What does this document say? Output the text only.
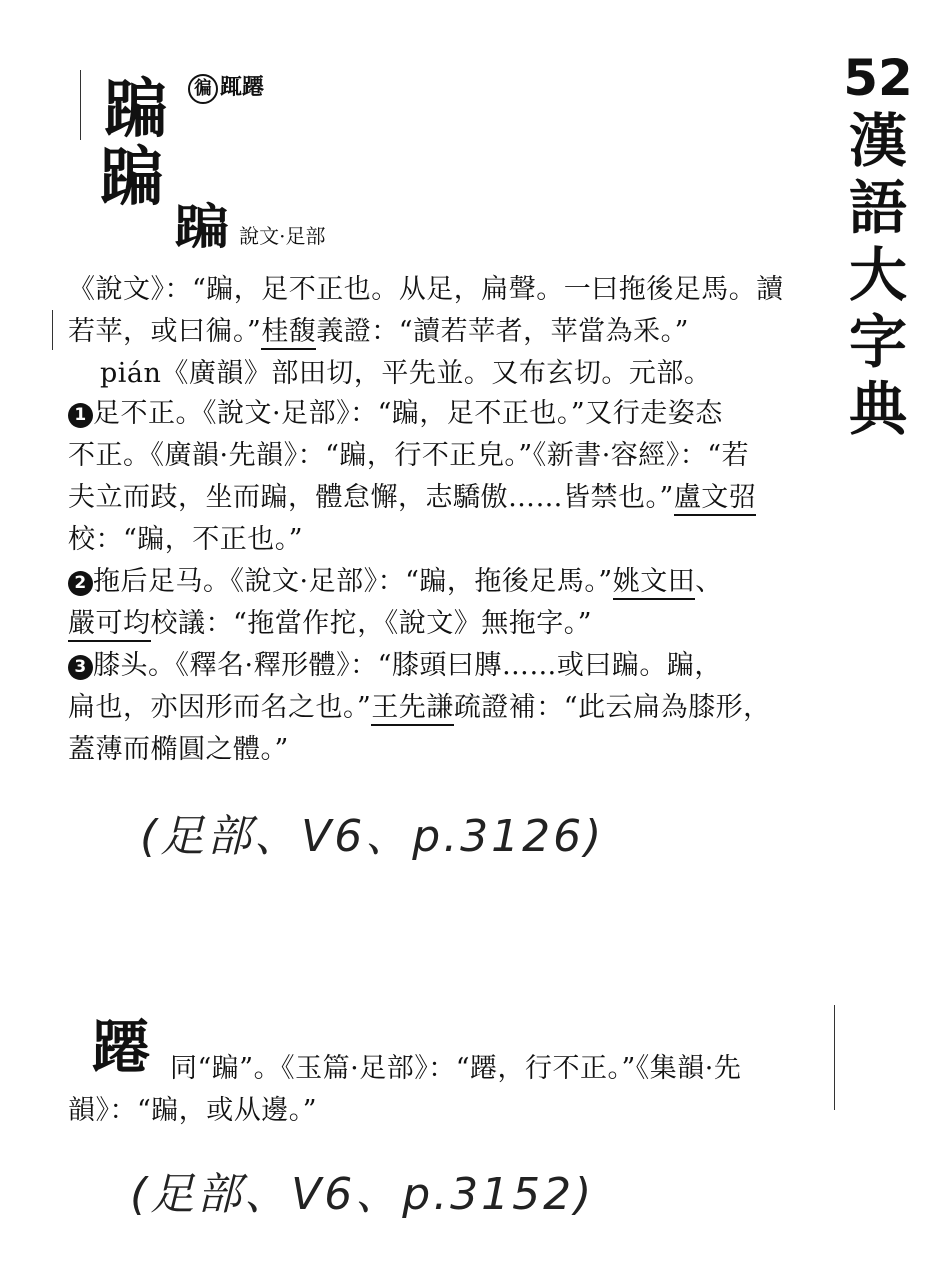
52
漢
語
大
字
典
蹁
蹁
徧 踂蹮
蹁 說文·足部
《說文》：“蹁，足不正也。从足，扁聲。一曰拖後足馬。讀
若苹，或曰徧。”桂馥義證：“讀若苹者，苹當為釆。”
pián《廣韻》部田切，平先並。又布玄切。元部。
1 足不正。《說文·足部》：“蹁，足不正也。”又行走姿态
不正。《廣韻·先韻》：“蹁，行不正皃。”《新書·容經》：“若
夫立而跂，坐而蹁，體怠懈，志驕傲……皆禁也。”盧文弨
校：“蹁，不正也。”
2 拖后足马。《說文·足部》：“蹁，拖後足馬。”姚文田、
嚴可均校議：“拖當作拕，《說文》無拖字。”
3 膝头。《釋名·釋形體》：“膝頭曰膞……或曰蹁。蹁，
扁也，亦因形而名之也。”王先謙疏證補：“此云扁為膝形，
蓋薄而橢圓之體。”
(足部、V6、p.3126)
蹮 同“蹁”。《玉篇·足部》：“蹮，行不正。”《集韻·先
韻》：“蹁，或从邊。”
(足部、V6、p.3152)
